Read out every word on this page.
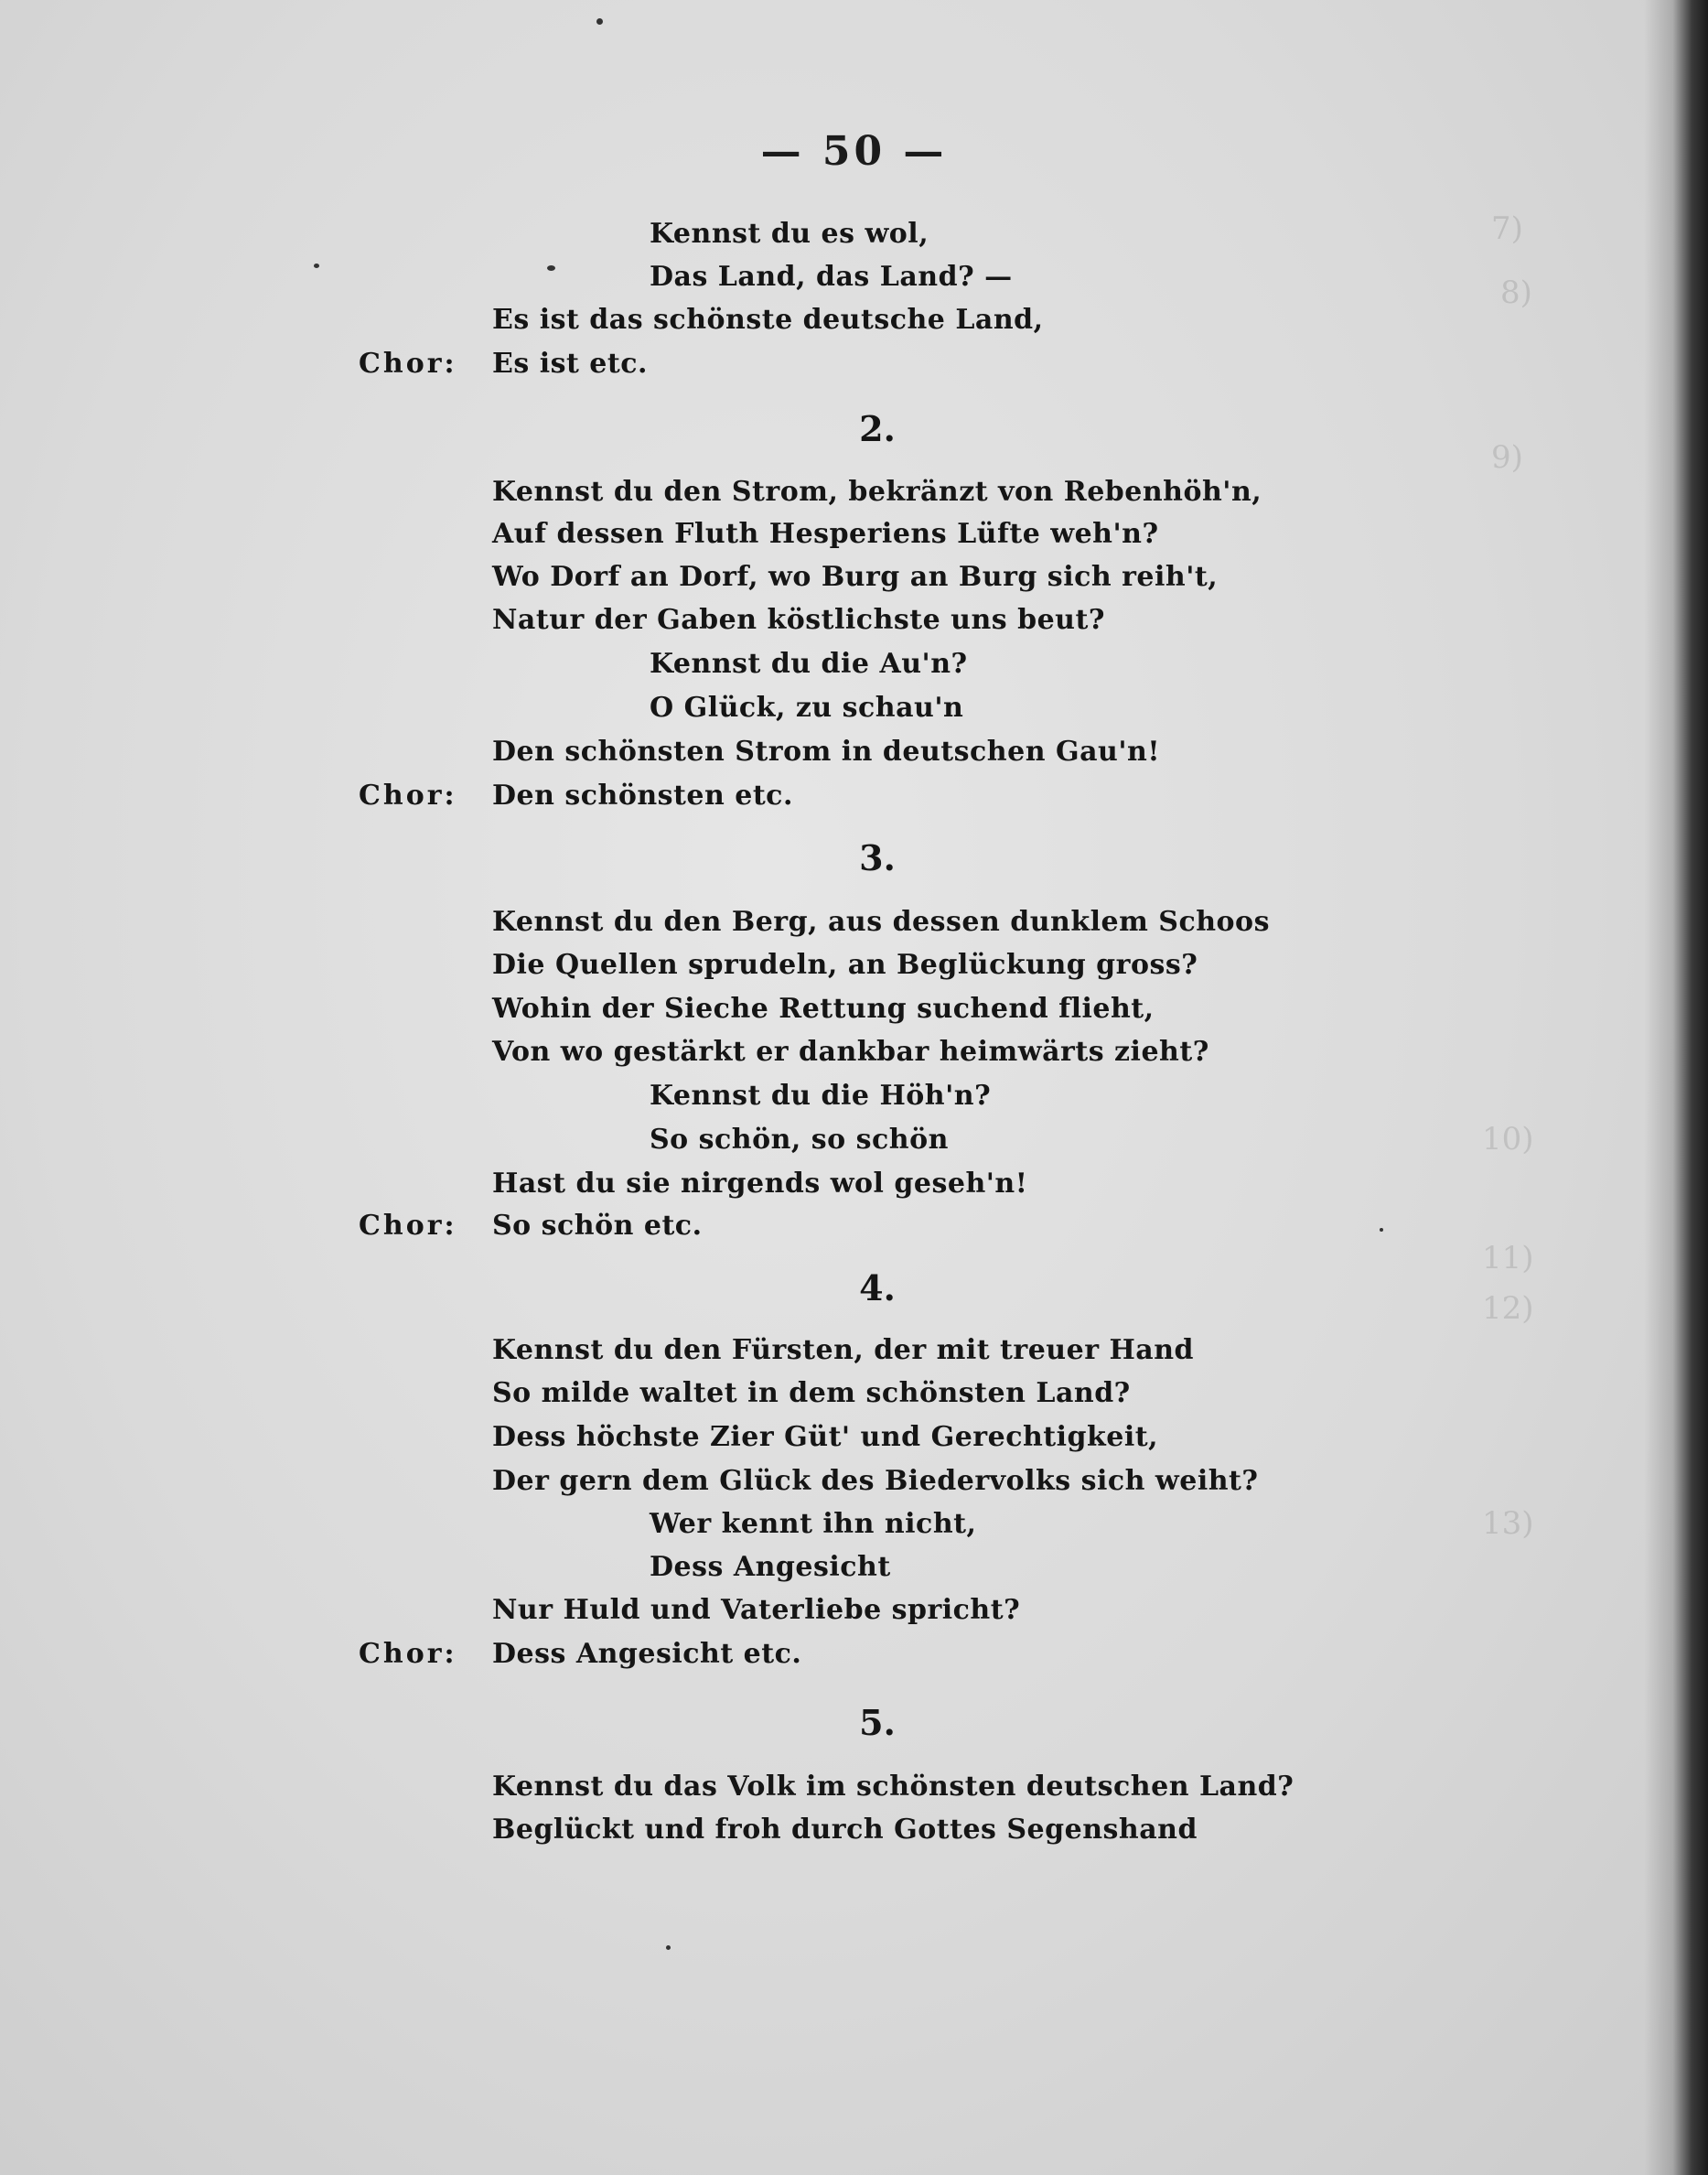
7)
8)
9)
10)
11)
12)
13)
— 50 —
Kennst du es wol,
Das Land, das Land? —
Es ist das schönste deutsche Land,
Chor: Es ist etc.
2.
Kennst du den Strom, bekränzt von Rebenhöh'n,
Auf dessen Fluth Hesperiens Lüfte weh'n?
Wo Dorf an Dorf, wo Burg an Burg sich reih't,
Natur der Gaben köstlichste uns beut?
Kennst du die Au'n?
O Glück, zu schau'n
Den schönsten Strom in deutschen Gau'n!
Chor: Den schönsten etc.
3.
Kennst du den Berg, aus dessen dunklem Schoos
Die Quellen sprudeln, an Beglückung gross?
Wohin der Sieche Rettung suchend flieht,
Von wo gestärkt er dankbar heimwärts zieht?
Kennst du die Höh'n?
So schön, so schön
Hast du sie nirgends wol geseh'n!
Chor: So schön etc.
4.
Kennst du den Fürsten, der mit treuer Hand
So milde waltet in dem schönsten Land?
Dess höchste Zier Güt' und Gerechtigkeit,
Der gern dem Glück des Biedervolks sich weiht?
Wer kennt ihn nicht,
Dess Angesicht
Nur Huld und Vaterliebe spricht?
Chor: Dess Angesicht etc.
5.
Kennst du das Volk im schönsten deutschen Land?
Beglückt und froh durch Gottes Segenshand
